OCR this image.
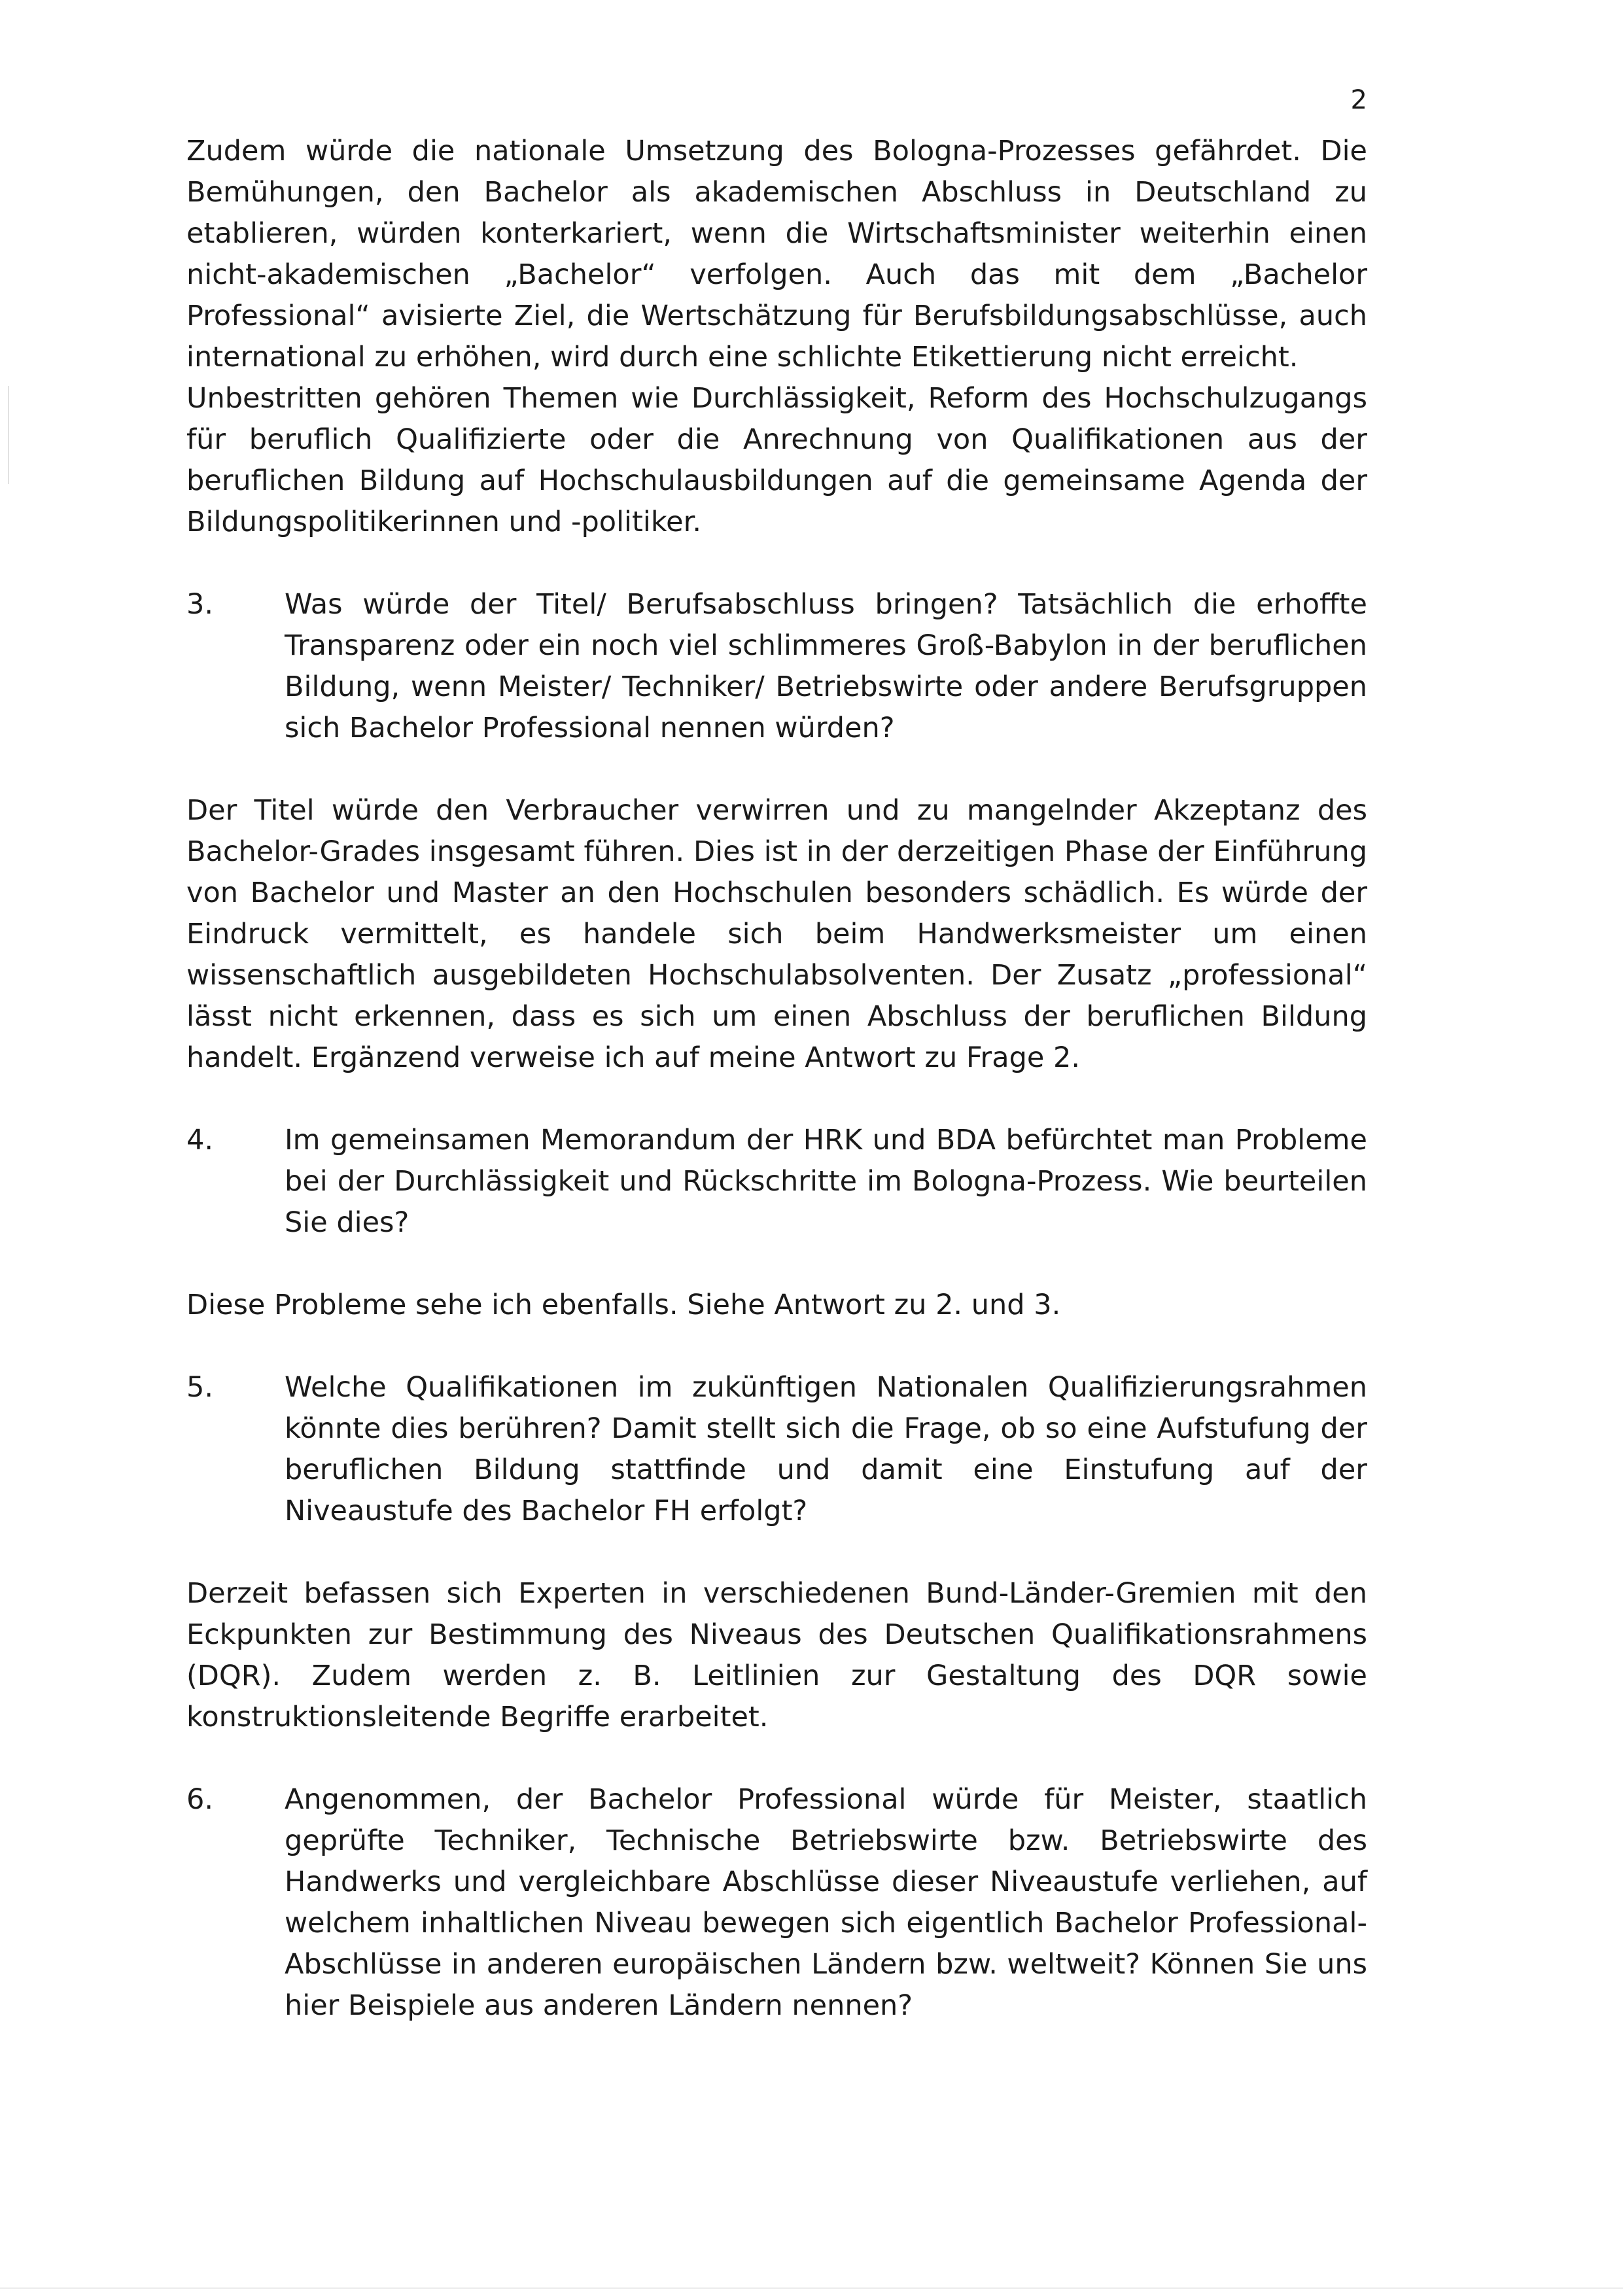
2

Zudem würde die nationale Umsetzung des Bologna-Prozesses gefährdet. Die Bemühungen, den Bachelor als akademischen Abschluss in Deutschland zu etablieren, würden konterkariert, wenn die Wirtschaftsminister weiterhin einen nicht-akademischen „Bachelor“ verfolgen. Auch das mit dem „Bachelor Professional“ avisierte Ziel, die Wertschätzung für Berufsbildungsabschlüsse, auch international zu erhöhen, wird durch eine schlichte Etikettierung nicht erreicht.

Unbestritten gehören Themen wie Durchlässigkeit, Reform des Hochschulzugangs für beruflich Qualifizierte oder die Anrechnung von Qualifikationen aus der beruflichen Bildung auf Hochschulausbildungen auf die gemeinsame Agenda der Bildungspolitikerinnen und -politiker.

3.	Was würde der Titel/ Berufsabschluss bringen? Tatsächlich die erhoffte Transparenz oder ein noch viel schlimmeres Groß-Babylon in der beruflichen Bildung, wenn Meister/ Techniker/ Betriebswirte oder andere Berufsgruppen sich Bachelor Professional nennen würden?

Der Titel würde den Verbraucher verwirren und zu mangelnder Akzeptanz des Bachelor-Grades insgesamt führen. Dies ist in der derzeitigen Phase der Einführung von Bachelor und Master an den Hochschulen besonders schädlich. Es würde der Eindruck vermittelt, es handele sich beim Handwerksmeister um einen wissenschaftlich ausgebildeten Hochschulabsolventen. Der Zusatz „professional“ lässt nicht erkennen, dass es sich um einen Abschluss der beruflichen Bildung handelt. Ergänzend verweise ich auf meine Antwort zu Frage 2.

4.	Im gemeinsamen Memorandum der HRK und BDA befürchtet man Probleme bei der Durchlässigkeit und Rückschritte im Bologna-Prozess. Wie beurteilen Sie dies?

Diese Probleme sehe ich ebenfalls. Siehe Antwort zu 2. und 3.

5.	Welche Qualifikationen im zukünftigen Nationalen Qualifizierungsrahmen könnte dies berühren? Damit stellt sich die Frage, ob so eine Aufstufung der beruflichen Bildung stattfinde und damit eine Einstufung auf der Niveaustufe des Bachelor FH erfolgt?

Derzeit befassen sich Experten in verschiedenen Bund-Länder-Gremien mit den Eckpunkten zur Bestimmung des Niveaus des Deutschen Qualifikationsrahmens (DQR). Zudem werden z. B. Leitlinien zur Gestaltung des DQR sowie konstruktionsleitende Begriffe erarbeitet.

6.	Angenommen, der Bachelor Professional würde für Meister, staatlich geprüfte Techniker, Technische Betriebswirte bzw. Betriebswirte des Handwerks und vergleichbare Abschlüsse dieser Niveaustufe verliehen, auf welchem inhaltlichen Niveau bewegen sich eigentlich Bachelor Professional- Abschlüsse in anderen europäischen Ländern bzw. weltweit? Können Sie uns hier Beispiele aus anderen Ländern nennen?
